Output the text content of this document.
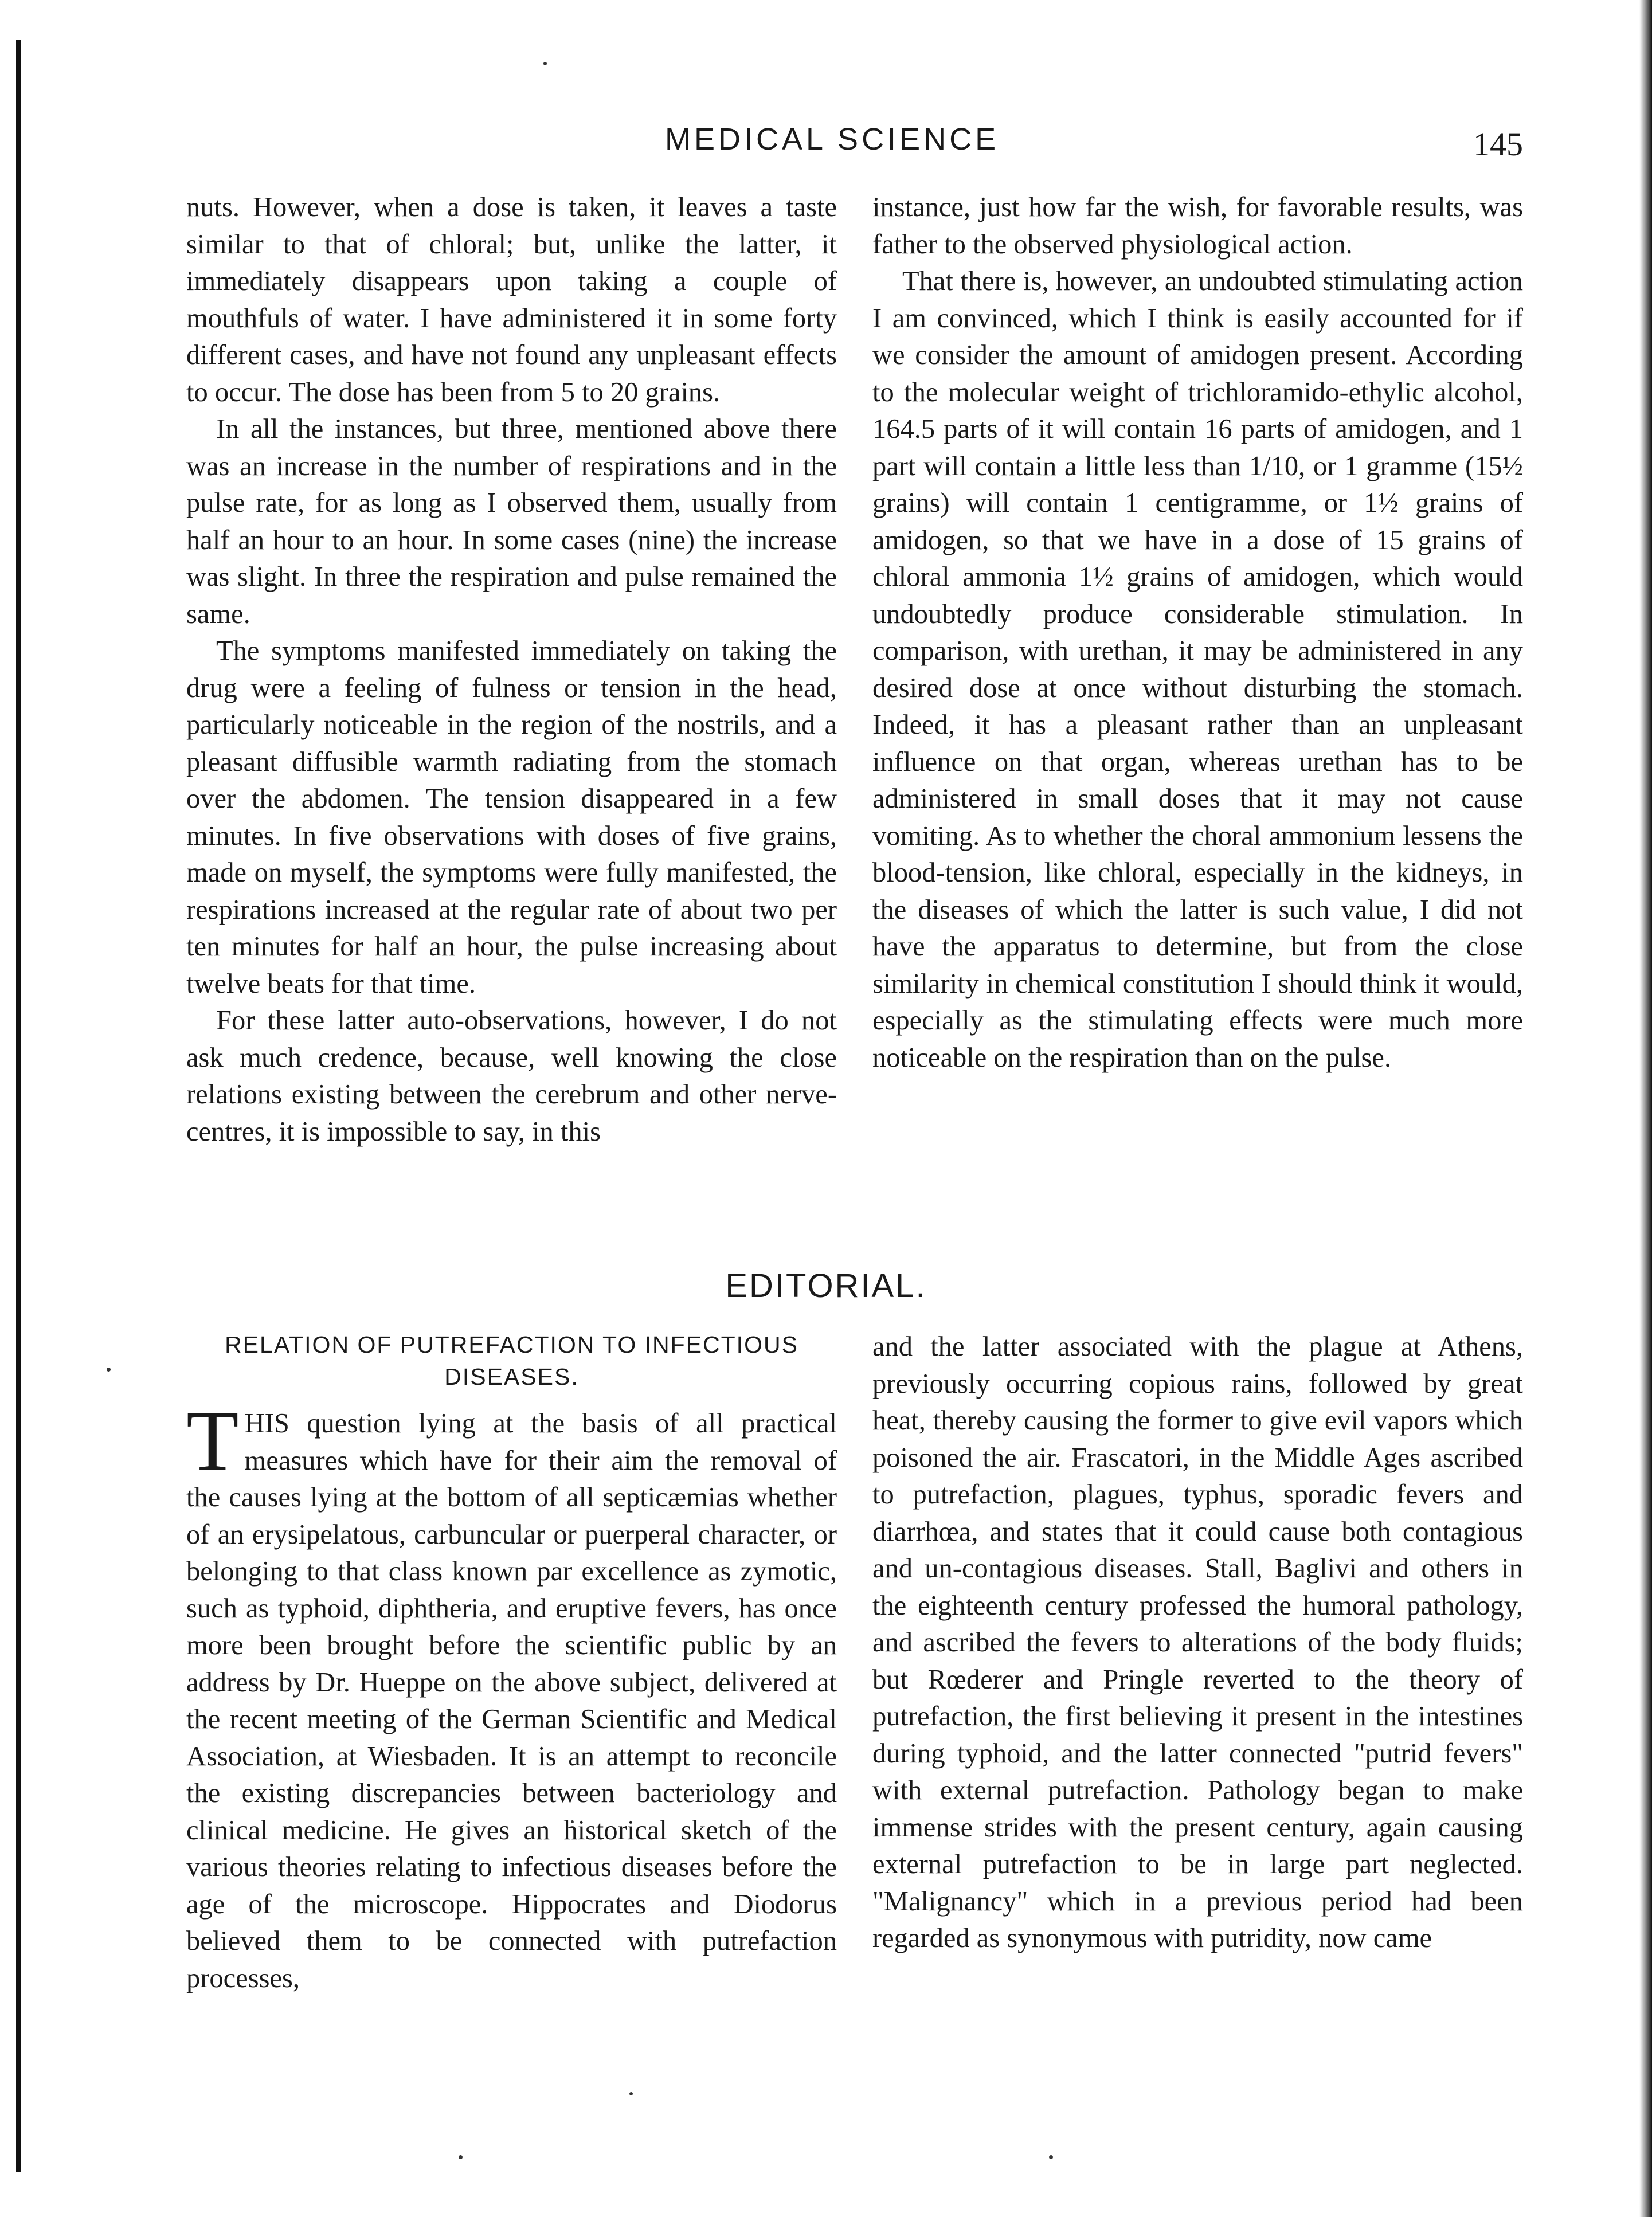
MEDICAL SCIENCE	145

nuts. However, when a dose is taken, it leaves a taste similar to that of chloral; but, unlike the latter, it immediately disappears upon taking a couple of mouthfuls of water. I have administered it in some forty different cases, and have not found any unpleasant effects to occur. The dose has been from 5 to 20 grains.

In all the instances, but three, mentioned above there was an increase in the number of respirations and in the pulse rate, for as long as I observed them, usually from half an hour to an hour. In some cases (nine) the increase was slight. In three the respiration and pulse remained the same.

The symptoms manifested immediately on taking the drug were a feeling of fulness or tension in the head, particularly noticeable in the region of the nostrils, and a pleasant diffusible warmth radiating from the stomach over the abdomen. The tension disappeared in a few minutes. In five observations with doses of five grains, made on myself, the symptoms were fully manifested, the respirations increased at the regular rate of about two per ten minutes for half an hour, the pulse increasing about twelve beats for that time.

For these latter auto-observations, however, I do not ask much credence, because, well knowing the close relations existing between the cerebrum and other nerve-centres, it is impossible to say, in this

instance, just how far the wish, for favorable results, was father to the observed physiological action.

That there is, however, an undoubted stimulating action I am convinced, which I think is easily accounted for if we consider the amount of amidogen present. According to the molecular weight of trichloramido-ethylic alcohol, 164.5 parts of it will contain 16 parts of amidogen, and 1 part will contain a little less than 1/10, or 1 gramme (15½ grains) will contain 1 centigramme, or 1½ grains of amidogen, so that we have in a dose of 15 grains of chloral ammonia 1½ grains of amidogen, which would undoubtedly produce considerable stimulation. In comparison, with urethan, it may be administered in any desired dose at once without disturbing the stomach. Indeed, it has a pleasant rather than an unpleasant influence on that organ, whereas urethan has to be administered in small doses that it may not cause vomiting. As to whether the choral ammonium lessens the blood-tension, like chloral, especially in the kidneys, in the diseases of which the latter is such value, I did not have the apparatus to determine, but from the close similarity in chemical constitution I should think it would, especially as the stimulating effects were much more noticeable on the respiration than on the pulse.

EDITORIAL.
RELATION OF PUTREFACTION TO INFECTIOUS DISEASES.

THIS question lying at the basis of all practical measures which have for their aim the removal of the causes lying at the bottom of all septicæmias whether of an erysipelatous, carbuncular or puerperal character, or belonging to that class known par excellence as zymotic, such as typhoid, diphtheria, and eruptive fevers, has once more been brought before the scientific public by an address by Dr. Hueppe on the above subject, delivered at the recent meeting of the German Scientific and Medical Association, at Wiesbaden. It is an attempt to reconcile the existing discrepancies between bacteriology and clinical medicine. He gives an historical sketch of the various theories relating to infectious diseases before the age of the microscope. Hippocrates and Diodorus believed them to be connected with putrefaction processes,

and the latter associated with the plague at Athens, previously occurring copious rains, followed by great heat, thereby causing the former to give evil vapors which poisoned the air. Frascatori, in the Middle Ages ascribed to putrefaction, plagues, typhus, sporadic fevers and diarrhœa, and states that it could cause both contagious and un-contagious diseases. Stall, Baglivi and others in the eighteenth century professed the humoral pathology, and ascribed the fevers to alterations of the body fluids; but Rœderer and Pringle reverted to the theory of putrefaction, the first believing it present in the intestines during typhoid, and the latter connected "putrid fevers" with external putrefaction. Pathology began to make immense strides with the present century, again causing external putrefaction to be in large part neglected. "Malignancy" which in a previous period had been regarded as synonymous with putridity, now came
